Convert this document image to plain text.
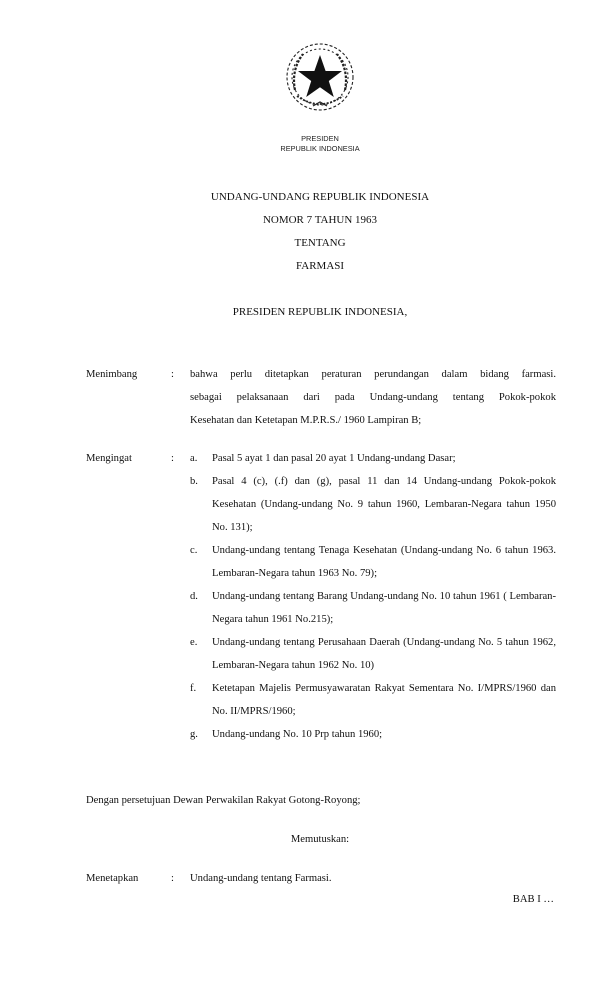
PRESIDEN
REPUBLIK INDONESIA
UNDANG-UNDANG REPUBLIK INDONESIA
NOMOR 7 TAHUN 1963
TENTANG
FARMASI
PRESIDEN REPUBLIK INDONESIA,
Menimbang	: bahwa perlu ditetapkan peraturan perundangan dalam bidang farmasi.
sebagai pelaksanaan dari pada Undang-undang tentang Pokok-pokok
Kesehatan dan Ketetapan M.P.R.S./ 1960 Lampiran B;
Mengingat	: a. Pasal 5 ayat 1 dan pasal 20 ayat 1 Undang-undang Dasar;
b. Pasal 4 (c), (.f) dan (g), pasal 11 dan 14 Undang-undang Pokok-pokok Kesehatan (Undang-undang No. 9 tahun 1960, Lembaran-Negara tahun 1950 No. 131);
c. Undang-undang tentang Tenaga Kesehatan (Undang-undang No. 6 tahun 1963. Lembaran-Negara tahun 1963 No. 79);
d. Undang-undang tentang Barang Undang-undang No. 10 tahun 1961 ( Lembaran-Negara tahun 1961 No.215);
e. Undang-undang tentang Perusahaan Daerah (Undang-undang No. 5 tahun 1962, Lembaran-Negara tahun 1962 No. 10)
f. Ketetapan Majelis Permusyawaratan Rakyat Sementara No. I/MPRS/1960 dan No. II/MPRS/1960;
g. Undang-undang No. 10 Prp tahun 1960;
Dengan persetujuan Dewan Perwakilan Rakyat Gotong-Royong;
Memutuskan:
Menetapkan	: Undang-undang tentang Farmasi.
BAB I …
